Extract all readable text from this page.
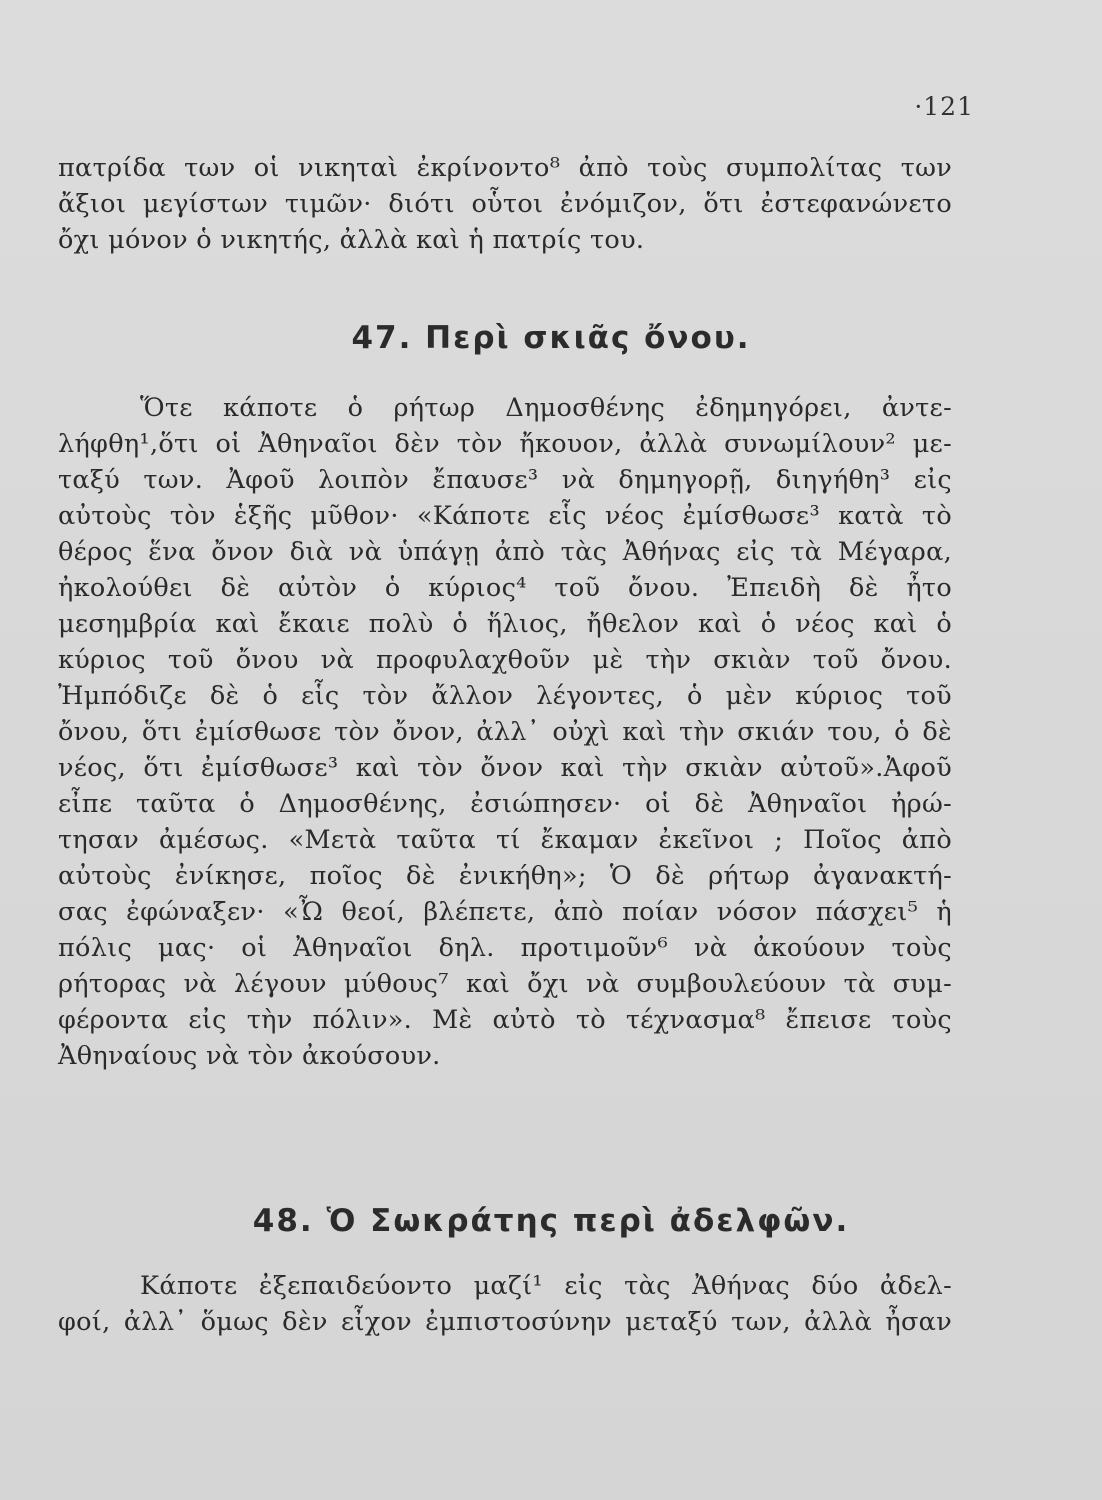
·121
πατρίδα των οἱ νικηταὶ ἐκρίνοντο⁸ ἀπὸ τοὺς συμπολίτας των
ἄξιοι μεγίστων τιμῶν· διότι οὗτοι ἐνόμιζον, ὅτι ἐστεφανώνετο
ὄχι μόνον ὁ νικητής, ἀλλὰ καὶ ἡ πατρίς του.
47. Περὶ σκιᾶς ὄνου.
Ὅτε κάποτε ὁ ρήτωρ Δημοσθένης ἐδημηγόρει, ἀντε-
λήφθη¹,ὅτι οἱ Ἀθηναῖοι δὲν τὸν ἤκουον, ἀλλὰ συνωμίλουν² με-
ταξύ των. Ἀφοῦ λοιπὸν ἔπαυσε³ νὰ δημηγορῇ, διηγήθη³ εἰς
αὐτοὺς τὸν ἑξῆς μῦθον· «Κάποτε εἷς νέος ἐμίσθωσε³ κατὰ τὸ
θέρος ἕνα ὄνον διὰ νὰ ὑπάγῃ ἀπὸ τὰς Ἀθήνας εἰς τὰ Μέγαρα,
ἠκολούθει δὲ αὐτὸν ὁ κύριος⁴ τοῦ ὄνου. Ἐπειδὴ δὲ ἦτο
μεσημβρία καὶ ἔκαιε πολὺ ὁ ἥλιος, ἤθελον καὶ ὁ νέος καὶ ὁ
κύριος τοῦ ὄνου νὰ προφυλαχθοῦν μὲ τὴν σκιὰν τοῦ ὄνου.
Ἠμπόδιζε δὲ ὁ εἷς τὸν ἄλλον λέγοντες, ὁ μὲν κύριος τοῦ
ὄνου, ὅτι ἐμίσθωσε τὸν ὄνον, ἀλλ᾽ οὐχὶ καὶ τὴν σκιάν του, ὁ δὲ
νέος, ὅτι ἐμίσθωσε³ καὶ τὸν ὄνον καὶ τὴν σκιὰν αὐτοῦ».Ἀφοῦ
εἶπε ταῦτα ὁ Δημοσθένης, ἐσιώπησεν· οἱ δὲ Ἀθηναῖοι ἠρώ-
τησαν ἀμέσως. «Μετὰ ταῦτα τί ἔκαμαν ἐκεῖνοι ; Ποῖος ἀπὸ
αὐτοὺς ἐνίκησε, ποῖος δὲ ἐνικήθη»; Ὁ δὲ ρήτωρ ἀγανακτή-
σας ἐφώναξεν· «Ὦ θεοί, βλέπετε, ἀπὸ ποίαν νόσον πάσχει⁵ ἡ
πόλις μας· οἱ Ἀθηναῖοι δηλ. προτιμοῦν⁶ νὰ ἀκούουν τοὺς
ρήτορας νὰ λέγουν μύθους⁷ καὶ ὄχι νὰ συμβουλεύουν τὰ συμ-
φέροντα εἰς τὴν πόλιν». Μὲ αὐτὸ τὸ τέχνασμα⁸ ἔπεισε τοὺς
Ἀθηναίους νὰ τὸν ἀκούσουν.
48. Ὁ Σωκράτης περὶ ἀδελφῶν.
Κάποτε ἐξεπαιδεύοντο μαζί¹ εἰς τὰς Ἀθήνας δύο ἀδελ-
φοί, ἀλλ᾽ ὅμως δὲν εἶχον ἐμπιστοσύνην μεταξύ των, ἀλλὰ ἦσαν
